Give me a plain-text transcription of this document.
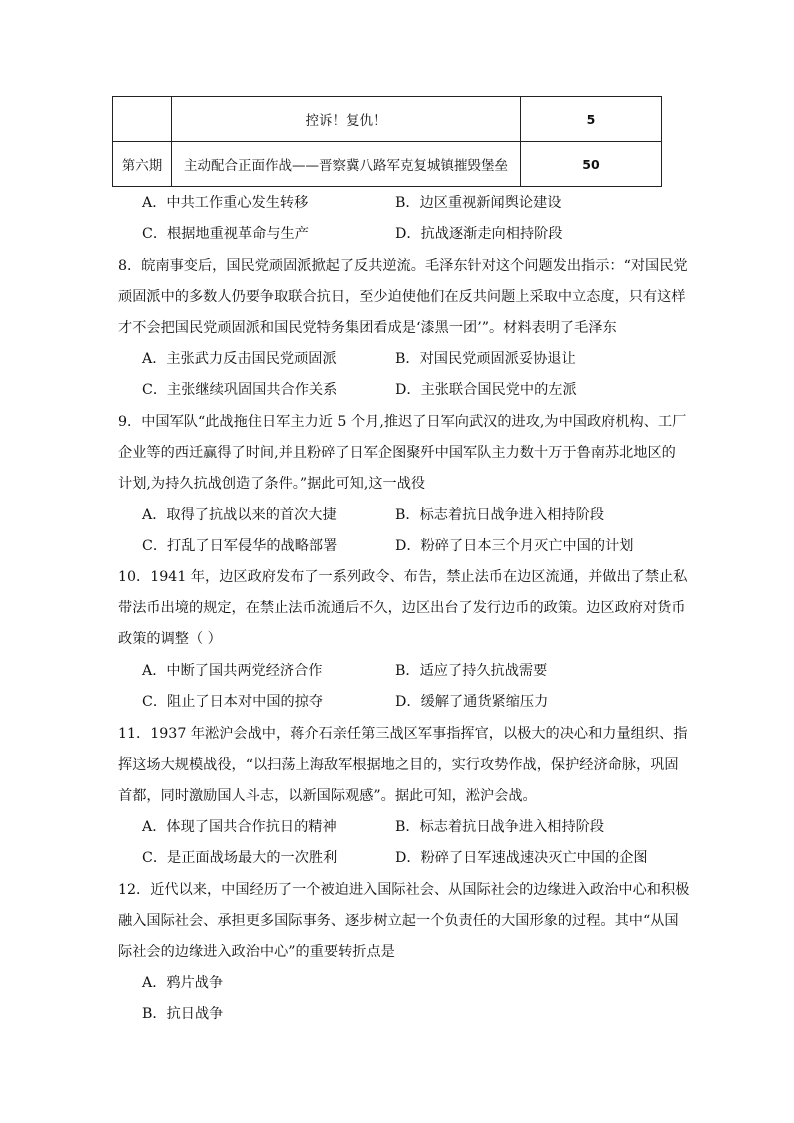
	控诉！复仇！	5
第六期	主动配合正面作战——晋察冀八路军克复城镇摧毁堡垒	50
A．中共工作重心发生转移	B．边区重视新闻舆论建设
C．根据地重视革命与生产	D．抗战逐渐走向相持阶段
8．皖南事变后，国民党顽固派掀起了反共逆流。毛泽东针对这个问题发出指示：“对国民党
顽固派中的多数人仍要争取联合抗日，至少迫使他们在反共问题上采取中立态度，只有这样
才不会把国民党顽固派和国民党特务集团看成是‘漆黑一团’”。材料表明了毛泽东
A．主张武力反击国民党顽固派	B．对国民党顽固派妥协退让
C．主张继续巩固国共合作关系	D．主张联合国民党中的左派
9．中国军队“此战拖住日军主力近 5 个月,推迟了日军向武汉的进攻,为中国政府机构、工厂
企业等的西迁赢得了时间,并且粉碎了日军企图聚歼中国军队主力数十万于鲁南苏北地区的
计划,为持久抗战创造了条件。”据此可知,这一战役
A．取得了抗战以来的首次大捷	B．标志着抗日战争进入相持阶段
C．打乱了日军侵华的战略部署	D．粉碎了日本三个月灭亡中国的计划
10．1941 年，边区政府发布了一系列政令、布告，禁止法币在边区流通，并做出了禁止私
带法币出境的规定，在禁止法币流通后不久，边区出台了发行边币的政策。边区政府对货币
政策的调整（ ）
A．中断了国共两党经济合作	B．适应了持久抗战需要
C．阻止了日本对中国的掠夺	D．缓解了通货紧缩压力
11．1937 年淞沪会战中，蒋介石亲任第三战区军事指挥官，以极大的决心和力量组织、指
挥这场大规模战役，“以扫荡上海敌军根据地之目的，实行攻势作战，保护经济命脉，巩固
首都，同时激励国人斗志，以新国际观感”。据此可知，淞沪会战。
A．体现了国共合作抗日的精神	B．标志着抗日战争进入相持阶段
C．是正面战场最大的一次胜利	D．粉碎了日军速战速决灭亡中国的企图
12．近代以来，中国经历了一个被迫进入国际社会、从国际社会的边缘进入政治中心和积极
融入国际社会、承担更多国际事务、逐步树立起一个负责任的大国形象的过程。其中“从国
际社会的边缘进入政治中心”的重要转折点是
A．鸦片战争
B．抗日战争
